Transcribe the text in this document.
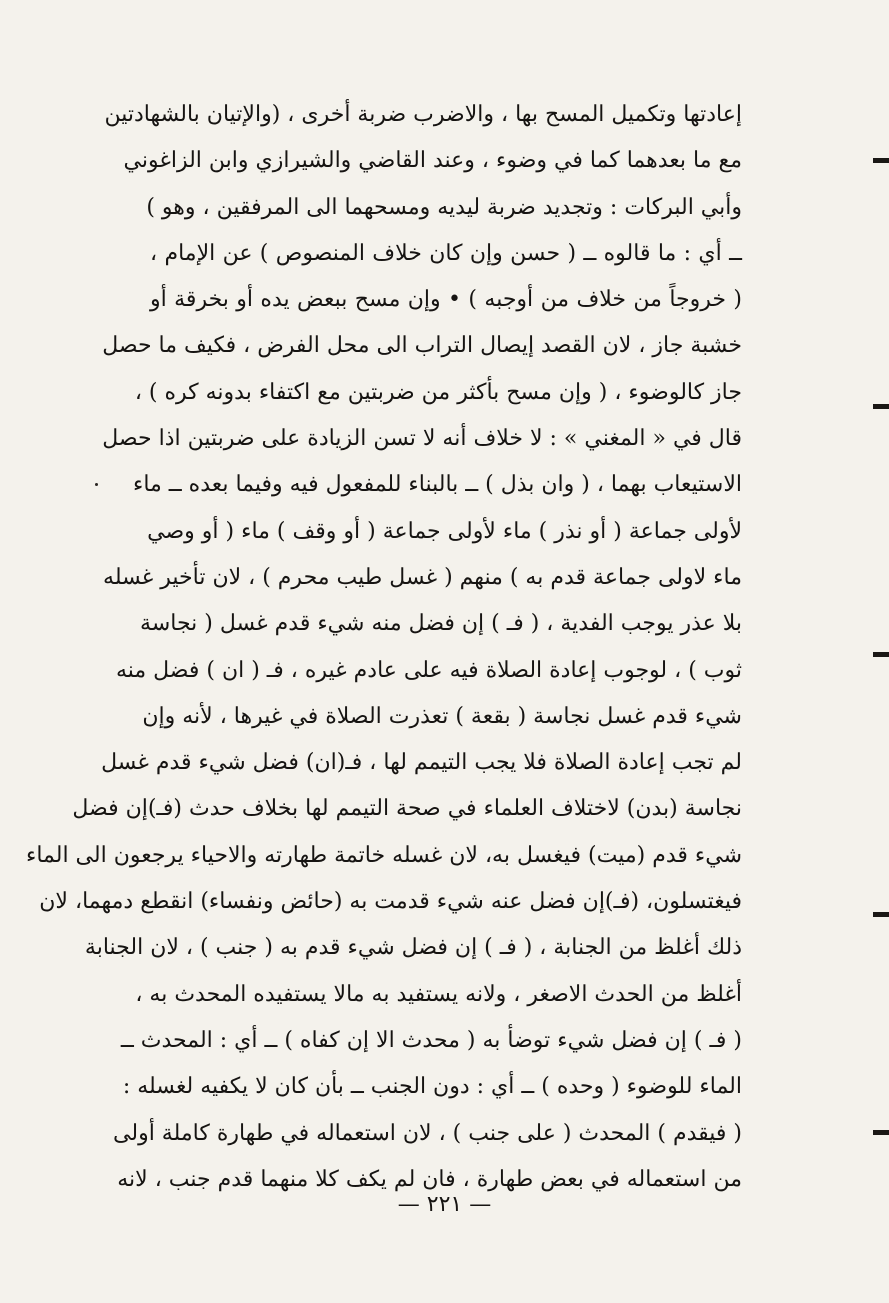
إعادتها وتكميل المسح بها ، والاضرب ضربة أخرى ، (والإتيان بالشهادتين
مع ما بعدهما كما في وضوء ، وعند القاضي والشيرازي وابن الزاغوني
وأبي البركات : وتجديد ضربة ليديه ومسحهما الى المرفقين ، وهو )
ــ أي : ما قالوه ــ ( حسن وإن كان خلاف المنصوص ) عن الإمام ،
( خروجاً من خلاف من أوجبه ) • وإن مسح ببعض يده أو بخرقة أو
خشبة جاز ، لان القصد إيصال التراب الى محل الفرض ، فكيف ما حصل
جاز كالوضوء ، ( وإن مسح بأكثر من ضربتين مع اكتفاء بدونه كره ) ،
قال في « المغني » : لا خلاف أنه لا تسن الزيادة على ضربتين اذا حصل
الاستيعاب بهما ، ( وان بذل ) ــ بالبناء للمفعول فيه وفيما بعده ــ ماء
لأولى جماعة ( أو نذر ) ماء لأولى جماعة ( أو وقف ) ماء ( أو وصي
ماء لاولى جماعة قدم به ) منهم ( غسل طيب محرم ) ، لان تأخير غسله
بلا عذر يوجب الفدية ، ( فـ ) إن فضل منه شيء قدم غسل ( نجاسة
ثوب ) ، لوجوب إعادة الصلاة فيه على عادم غيره ، فـ ( ان ) فضل منه
شيء قدم غسل نجاسة ( بقعة ) تعذرت الصلاة في غيرها ، لأنه وإن
لم تجب إعادة الصلاة فلا يجب التيمم لها ، فـ(ان) فضل شيء قدم غسل
نجاسة (بدن) لاختلاف العلماء في صحة التيمم لها بخلاف حدث (فـ)إن فضل
شيء قدم (ميت) فيغسل به، لان غسله خاتمة طهارته والاحياء يرجعون الى الماء
فيغتسلون، (فـ)إن فضل عنه شيء قدمت به (حائض ونفساء) انقطع دمهما، لان
ذلك أغلظ من الجنابة ، ( فـ ) إن فضل شيء قدم به ( جنب ) ، لان الجنابة
أغلظ من الحدث الاصغر ، ولانه يستفيد به مالا يستفيده المحدث به ،
( فـ ) إن فضل شيء توضأ به ( محدث الا إن كفاه ) ــ أي : المحدث ــ
الماء للوضوء ( وحده ) ــ أي : دون الجنب ــ بأن كان لا يكفيه لغسله :
( فيقدم ) المحدث ( على جنب ) ، لان استعماله في طهارة كاملة أولى
من استعماله في بعض طهارة ، فان لم يكف كلا منهما قدم جنب ، لانه
— ٢٢١ —
